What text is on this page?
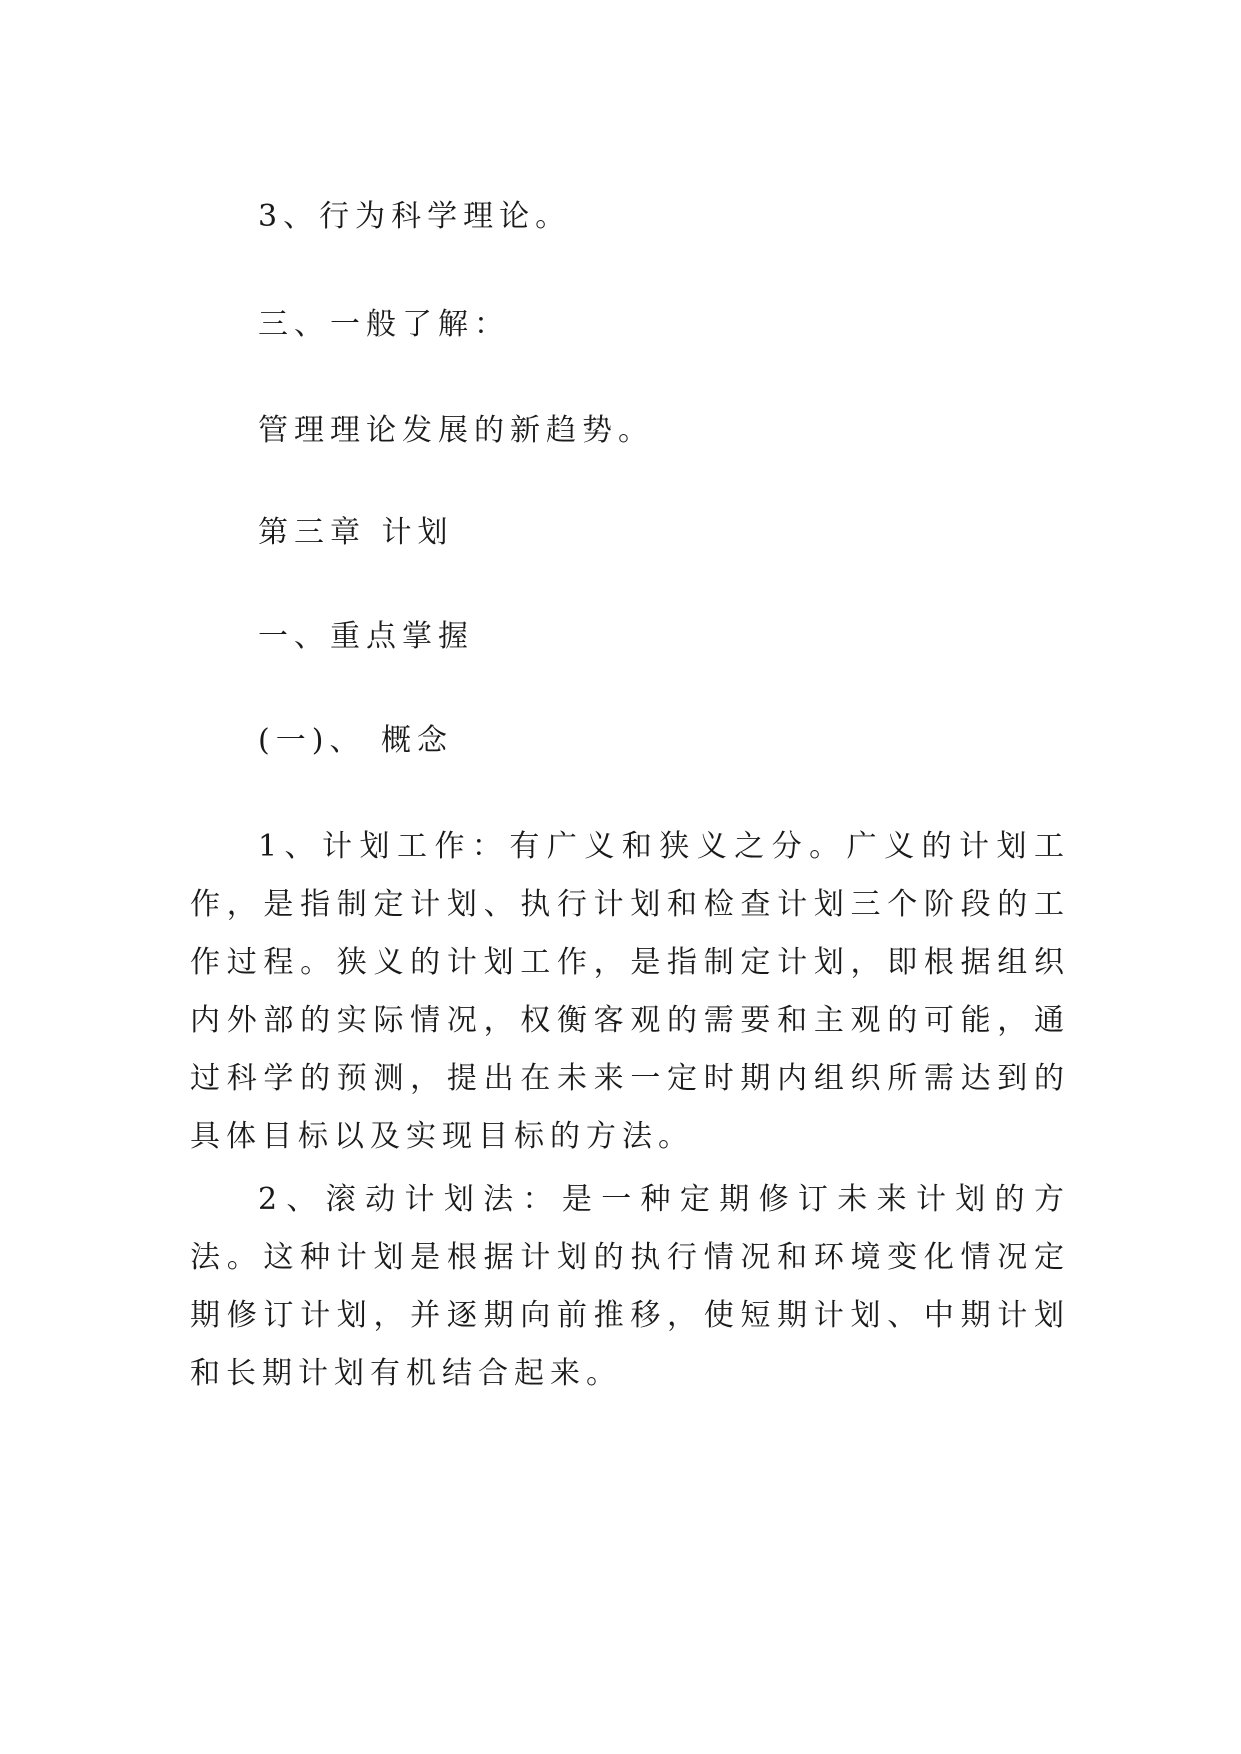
3、行为科学理论。
三、一般了解：
管理理论发展的新趋势。
第三章 计划
一、重点掌握
(一)、 概念
1、计划工作：有广义和狭义之分。广义的计划工作，是指制定计划、执行计划和检查计划三个阶段的工作过程。狭义的计划工作，是指制定计划，即根据组织内外部的实际情况，权衡客观的需要和主观的可能，通过科学的预测，提出在未来一定时期内组织所需达到的具体目标以及实现目标的方法。
2、滚动计划法：是一种定期修订未来计划的方法。这种计划是根据计划的执行情况和环境变化情况定期修订计划，并逐期向前推移，使短期计划、中期计划和长期计划有机结合起来。
